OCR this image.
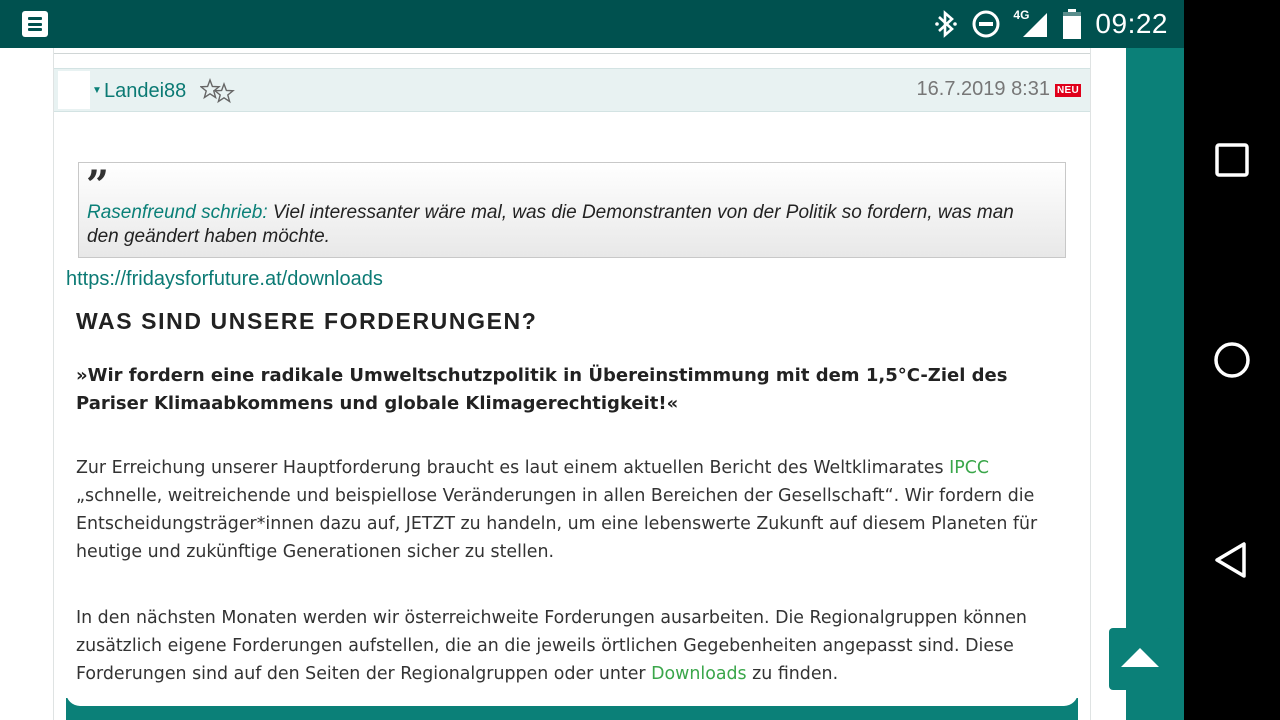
4G 09:22
▼ Landei88	16.7.2019 8:31 NEU
”
Rasenfreund schrieb: Viel interessanter wäre mal, was die Demonstranten von der Politik so fordern, was man den geändert haben möchte.
https://fridaysforfuture.at/downloads
WAS SIND UNSERE FORDERUNGEN?
»Wir fordern eine radikale Umweltschutzpolitik in Übereinstimmung mit dem 1,5°C-Ziel des Pariser Klimaabkommens und globale Klimagerechtigkeit!«
Zur Erreichung unserer Hauptforderung braucht es laut einem aktuellen Bericht des Weltklimarates IPCC „schnelle, weitreichende und beispiellose Veränderungen in allen Bereichen der Gesellschaft“. Wir fordern die Entscheidungsträger*innen dazu auf, JETZT zu handeln, um eine lebenswerte Zukunft auf diesem Planeten für heutige und zukünftige Generationen sicher zu stellen.
In den nächsten Monaten werden wir österreichweite Forderungen ausarbeiten. Die Regionalgruppen können zusätzlich eigene Forderungen aufstellen, die an die jeweils örtlichen Gegebenheiten angepasst sind. Diese Forderungen sind auf den Seiten der Regionalgruppen oder unter Downloads zu finden.
